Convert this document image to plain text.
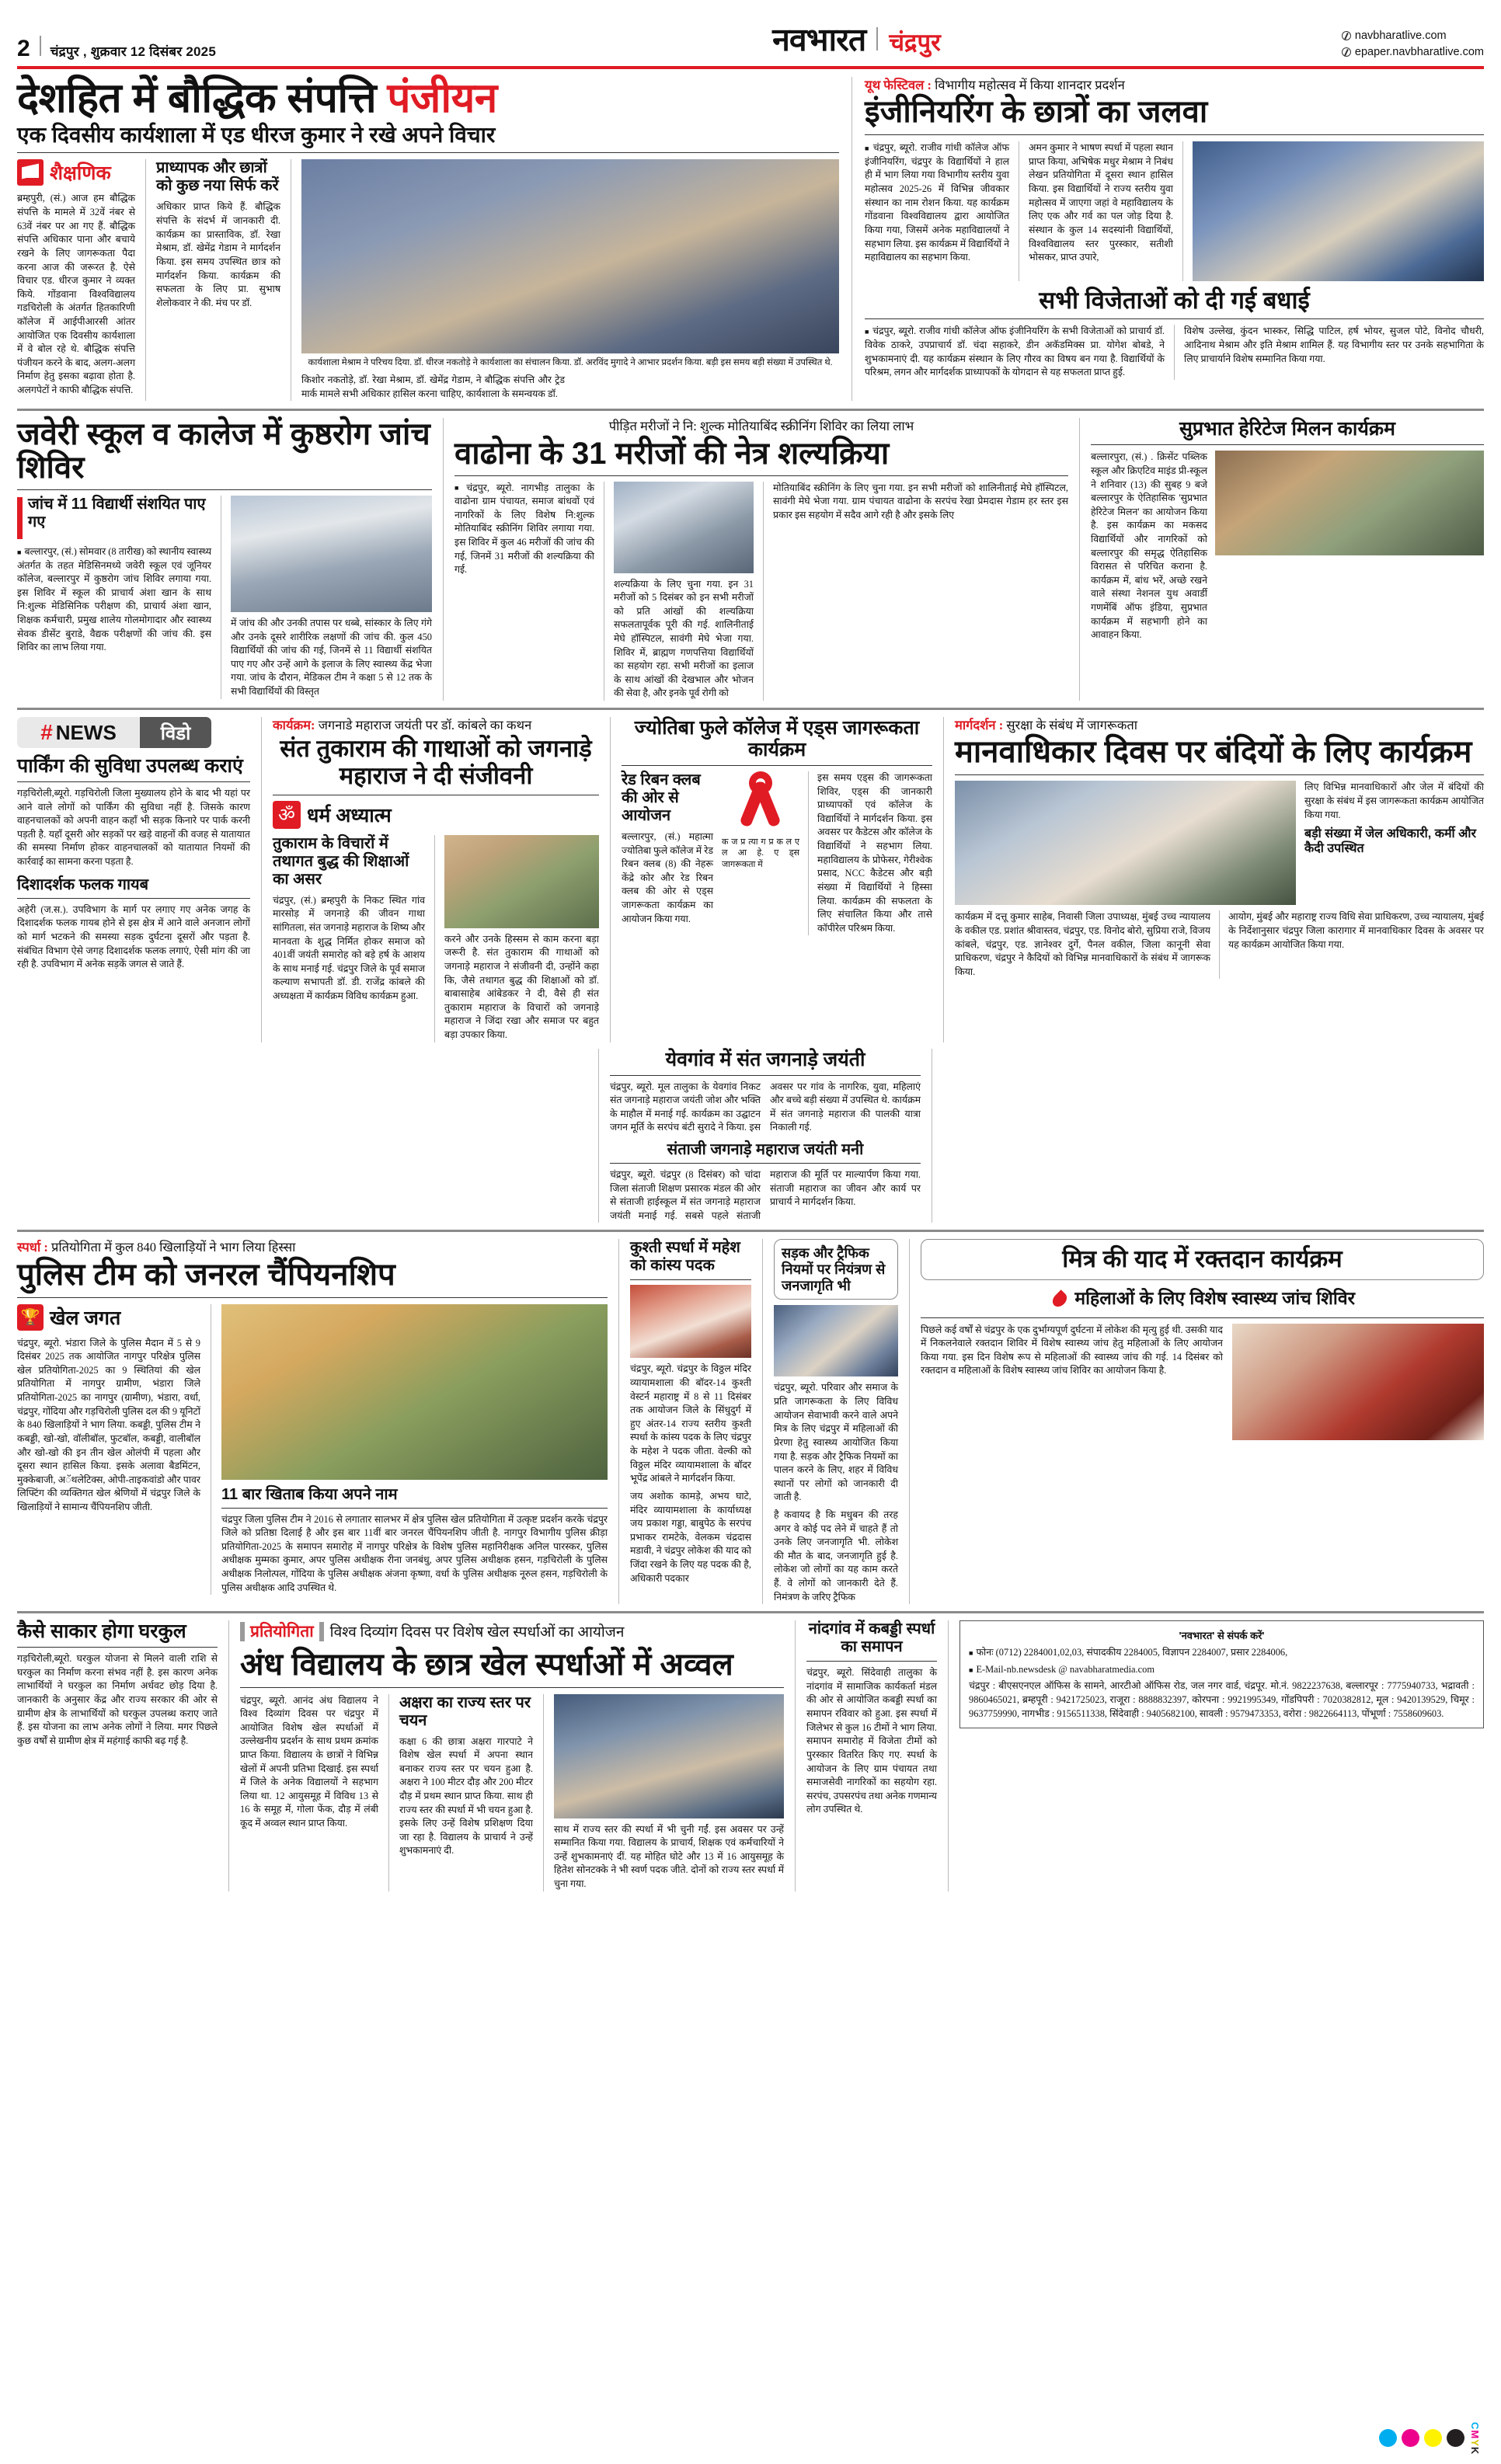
2 चंद्रपुर , शुक्रवार 12 दिसंबर 2025	नवभारत चंद्रपुर	navbharatlive.com
epaper.navbharatlive.com
देशहित में बौद्धिक संपत्ति पंजीयन
एक दिवसीय कार्यशाला में एड धीरज कुमार ने रखे अपने विचार
शैक्षणिक
ब्रम्हपुरी, (सं.) आज हम बौद्धिक संपत्ति के मामले में 32वें नंबर से 63वें नंबर पर आ गए हैं. बौद्धिक संपत्ति अधिकार पाना और बचाये रखने के लिए जागरूकता पैदा करना आज की जरूरत है. ऐसे विचार एड. धीरज कुमार ने व्यक्त किये. गोंडवाना विश्वविद्यालय गडचिरोली के अंतर्गत हितकारिणी कॉलेज में आईपीआरसी आंतर आयोजित एक दिवसीय कार्यशाला में वे बोल रहे थे. बौद्धिक संपत्ति पंजीयन करने के बाद, अलग-अलग निर्माण हेतु इसका बढ़ावा होता है. अलगपेटों ने काफी बौद्धिक संपत्ति.
प्राध्यापक और छात्रों को कुछ नया सिर्फ करें
अधिकार प्राप्त किये हैं. बौद्धिक संपत्ति के संदर्भ में जानकारी दी. कार्यक्रम का प्रास्ताविक, डॉ. रेखा मेश्राम, डॉ. खेमेंद्र गेडाम ने मार्गदर्शन किया. इस समय उपस्थित छात्र को मार्गदर्शन किया. कार्यक्रम की सफलता के लिए प्रा. सुभाष शेलोकवार ने की. मंच पर डॉ.
कार्यशाला मेश्राम ने परिचय दिया. डॉ. धीरज नकतोड़े ने कार्यशाला का संचालन किया. डॉ. अरविंद मुगादे ने आभार प्रदर्शन किया. बड़ी इस समय बड़ी संख्या में उपस्थित थे.
किशोर नकतोड़े, डॉ. रेखा मेश्राम, डॉ. खेमेंद्र गेडाम, ने बौद्धिक संपत्ति और ट्रेड मार्क मामले सभी अधिकार हासिल करना चाहिए, कार्यशाला के समन्वयक डॉ.
यूथ फेस्टिवल : विभागीय महोत्सव में किया शानदार प्रदर्शन
इंजीनियरिंग के छात्रों का जलवा
■ चंद्रपुर, ब्यूरो. राजीव गांधी कॉलेज ऑफ इंजीनियरिंग, चंद्रपुर के विद्यार्थियों ने हाल ही में भाग लिया गया विभागीय स्तरीय युवा महोत्सव 2025-26 में विभिन्न जीवकार संस्थान का नाम रोशन किया. यह कार्यक्रम गोंडवाना विश्वविद्यालय द्वारा आयोजित किया गया, जिसमें अनेक महाविद्यालयों ने सहभाग लिया. इस कार्यक्रम में विद्यार्थियों ने महाविद्यालय का सहभाग किया.
अमन कुमार ने भाषण स्पर्धा में पहला स्थान प्राप्त किया, अभिषेक मधुर मेश्राम ने निबंध लेखन प्रतियोगिता में दूसरा स्थान हासिल किया. इस विद्यार्थियों ने राज्य स्तरीय युवा महोत्सव में जाएगा जहां वे महाविद्यालय के लिए एक और गर्व का पल जोड़ दिया है. संस्थान के कुल 14 सदस्यांनी विद्यार्थियों, विश्वविद्यालय स्तर पुरस्कार, सतीशी भोसकर, प्राप्त उपारे,
सभी विजेताओं को दी गई बधाई
■ चंद्रपुर, ब्यूरो. राजीव गांधी कॉलेज ऑफ इंजीनियरिंग के सभी विजेताओं को प्राचार्य डॉ. विवेक ठाकरे, उपप्राचार्य डॉ. चंदा सहाकरे, डीन अकॅडमिक्स प्रा. योगेश बोबडे, ने शुभकामनाएं दी. यह कार्यक्रम संस्थान के लिए गौरव का विषय बन गया है. विद्यार्थियों के परिश्रम, लगन और मार्गदर्शक प्राध्यापकों के योगदान से यह सफलता प्राप्त हुई.
विशेष उल्लेख, कुंदन भास्कर, सिद्धि पाटिल, हर्ष भोयर, सुजल पोटे, विनोद चौधरी, आदिनाथ मेश्राम और इति मेश्राम शामिल हैं. यह विभागीय स्तर पर उनके सहभागिता के लिए प्राचार्याने विशेष सम्मानित किया गया.
जवेरी स्कूल व कालेज में कुष्ठरोग जांच शिविर
जांच में 11 विद्यार्थी संशयित पाए गए
■ बल्लारपुर, (सं.) सोमवार (8 तारीख) को स्थानीय स्वास्थ्य अंतर्गत के तहत मेडिसिनमध्ये जवेरी स्कूल एवं जूनियर कॉलेज, बल्लारपुर में कुष्ठरोग जांच शिविर लगाया गया. इस शिविर में स्कूल की प्राचार्य अंशा खान के साथ नि:शुल्क मेडिसिनिक परीक्षण की, प्राचार्य अंशा खान, शिक्षक कर्मचारी, प्रमुख शालेय गोलमोगादार और स्वास्थ्य सेवक डीसेंट बुराडे, वैद्यक परीक्षणों की जांच की. इस शिविर का लाभ लिया गया.
में जांच की और उनकी तपास पर धब्बे, सांस्कार के लिए गंगे और उनके दूसरे शारीरिक लक्षणों की जांच की. कुल 450 विद्यार्थियों की जांच की गई, जिनमें से 11 विद्यार्थी संशयित पाए गए और उन्हें आगे के इलाज के लिए स्वास्थ्य केंद्र भेजा गया. जांच के दौरान, मेडिकल टीम ने कक्षा 5 से 12 तक के सभी विद्यार्थियों की विस्तृत
पीड़ित मरीजों ने नि: शुल्क मोतियाबिंद स्क्रीनिंग शिविर का लिया लाभ
वाढोना के 31 मरीजों की नेत्र शल्यक्रिया
■ चंद्रपुर, ब्यूरो. नागभीड़ तालुका के वाढोना ग्राम पंचायत, समाज बांधवों एवं नागरिकों के लिए विशेष नि:शुल्क मोतियाबिंद स्क्रीनिंग शिविर लगाया गया. इस शिविर में कुल 46 मरीजों की जांच की गई, जिनमें 31 मरीजों की शल्यक्रिया की गई.
शल्यक्रिया के लिए चुना गया. इन 31 मरीजों को 5 दिसंबर को इन सभी मरीजों को प्रति आंखों की शल्यक्रिया सफलतापूर्वक पूरी की गई. शालिनीताई मेघे हॉस्पिटल, सावंगी मेघे भेजा गया. शिविर में, ब्राह्मण गणपत्तिया विद्यार्थियों का सहयोग रहा. सभी मरीजों का इलाज के साथ आंखों की देखभाल और भोजन की सेवा है, और इनके पूर्व रोगी को
मोतियाबिंद स्क्रीनिंग के लिए चुना गया. इन सभी मरीजों को शालिनीताई मेघे हॉस्पिटल, सावंगी मेघे भेजा गया. ग्राम पंचायत वाढोना के सरपंच रेखा प्रेमदास गेडाम हर स्तर इस प्रकार इस सहयोग में सदैव आगे रही है और इसके लिए
सुप्रभात हेरिटेज मिलन कार्यक्रम
बल्लारपुरा, (सं.) . क्रिसेंट पब्लिक स्कूल और क्रिएटिव माइंड प्री-स्कूल ने शनिवार (13) की सुबह 9 बजे बल्लारपुर के ऐतिहासिक 'सुप्रभात हेरिटेज मिलन' का आयोजन किया है. इस कार्यक्रम का मकसद विद्यार्थियों और नागरिकों को बल्लारपुर की समृद्ध ऐतिहासिक विरासत से परिचित कराना है. कार्यक्रम में, बांध भरें, अच्छे रखने वाले संस्था नेशनल युथ अवार्डी गणमेंबिं ऑफ इंडिया, सुप्रभात कार्यक्रम में सहभागी होने का आवाहन किया.
# NEWS	विडो
पार्किंग की सुविधा उपलब्ध कराएं
गड़चिरोली,ब्यूरो. गड़चिरोली जिला मुख्यालय होने के बाद भी यहां पर आने वाले लोगों को पार्किंग की सुविधा नहीं है. जिसके कारण वाहनचालकों को अपनी वाहन कहाँ भी सड़क किनारे पर पार्क करनी पड़ती है. यहाँ दूसरी ओर सड़कों पर खड़े वाहनों की वजह से यातायात की समस्या निर्माण होकर वाहनचालकों को यातायात नियमों की कार्रवाई का सामना करना पड़ता है.
दिशादर्शक फलक गायब
अहेरी (ज.स.). उपविभाग के मार्ग पर लगाए गए अनेक जगह के दिशादर्शक फलक गायब होने से इस क्षेत्र में आने वाले अनजान लोगों को मार्ग भटकने की समस्या सड़क दुर्घटना दूसरों और पड़ता है. संबंधित विभाग ऐसे जगह दिशादर्शक फलक लगाएं, ऐसी मांग की जा रही है. उपविभाग में अनेक सड़कें जगल से जाते हैं.
कार्यक्रम: जगनाडे महाराज जयंती पर डॉ. कांबले का कथन
संत तुकाराम की गाथाओं को जगनाड़े महाराज ने दी संजीवनी
ॐ
धर्म अध्यात्म
तुकाराम के विचारों में तथागत बुद्ध की शिक्षाओं का असर
चंद्रपुर, (सं.) ब्रम्हपुरी के निकट स्थित गांव मारसोड़ में जगनाड़े की जीवन गाथा सांगितला, संत जगनाड़े महाराज के शिष्य और मानवता के शुद्ध निर्मित होकर समाज को 401वीं जयंती समारोह को बड़े हर्ष के आशय के साथ मनाई गई. चंद्रपुर जिले के पूर्व समाज कल्याण सभापती डॉ. डी. राजेंद्र कांबले की अध्यक्षता में कार्यक्रम विविध कार्यक्रम हुआ.
करने और उनके हिस्सम से काम करना बड़ा जरूरी है. संत तुकाराम की गाथाओं को जगनाड़े महाराज ने संजीवनी दी, उन्होंने कहा कि, जैसे तथागत बुद्ध की शिक्षाओं को डॉ. बाबासाहेब आंबेडकर ने दी, वैसे ही संत तुकाराम महाराज के विचारों को जगनाड़े महाराज ने जिंदा रखा और समाज पर बहुत बड़ा उपकार किया.
ज्योतिबा फुले कॉलेज में एड्स जागरूकता कार्यक्रम
रेड रिबन क्लब की ओर से आयोजन
बल्लारपुर, (सं.) महात्मा ज्योतिबा फुले कॉलेज में रेड रिबन क्लब (8) की नेहरू केंद्रे कोर और रेड रिबन क्लब की ओर से एड्स जागरूकता कार्यक्रम का आयोजन किया गया.
क ज प्र त्या ग प्र क ल ए ल आ हे. ए ड्स जागरूकता में
इस समय एड्स की जागरूकता शिविर, एड्स की जानकारी प्राध्यापकों एवं कॉलेज के विद्यार्थियों ने मार्गदर्शन किया. इस अवसर पर कैडेटस और कॉलेज के विद्यार्थियों ने सहभाग लिया. महाविद्यालय के प्रोफेसर, गेरीश्वेक प्रसाद, NCC कैडेटस और बड़ी संख्या में विद्यार्थियों ने हिस्सा लिया. कार्यक्रम की सफलता के लिए संचालित किया और तासे कॉपीरेल परिश्रम किया.
मार्गदर्शन : सुरक्षा के संबंध में जागरूकता
मानवाधिकार दिवस पर बंदियों के लिए कार्यक्रम
लिए विभिन्न मानवाधिकारों और जेल में बंदियों की सुरक्षा के संबंध में इस जागरूकता कार्यक्रम आयोजित किया गया.
बड़ी संख्या में जेल अधिकारी, कर्मी और कैदी उपस्थित
कार्यक्रम में दत्तू कुमार साहेब, निवासी जिला उपाध्यक्ष, मुंबई उच्च न्यायालय के वकील एड. प्रशांत श्रीवास्तव, चंद्रपुर, एड. विनोद बोरो, सुप्रिया राजे, विजय कांबले, चंद्रपुर, एड. ज्ञानेश्वर दुर्गे, पैनल वकील, जिला कानूनी सेवा प्राधिकरण, चंद्रपुर ने कैदियों को विभिन्न मानवाधिकारों के संबंध में जागरूक किया.
आयोग, मुंबई और महाराष्ट्र राज्य विधि सेवा प्राधिकरण, उच्च न्यायालय, मुंबई के निर्देशानुसार चंद्रपुर जिला कारागार में मानवाधिकार दिवस के अवसर पर यह कार्यक्रम आयोजित किया गया.
येवगांव में संत जगनाड़े जयंती
चंद्रपुर, ब्यूरो. मूल तालुका के येवगांव निकट संत जगनाड़े महाराज जयंती जोश और भक्ति के माहौल में मनाई गई. कार्यक्रम का उद्घाटन जगन मूर्ति के सरपंच बंटी सुरादे ने किया. इस अवसर पर गांव के नागरिक, युवा, महिलाएं और बच्चे बड़ी संख्या में उपस्थित थे. कार्यक्रम में संत जगनाड़े महाराज की पालकी यात्रा निकाली गई.
संताजी जगनाड़े महाराज जयंती मनी
चंद्रपुर, ब्यूरो. चंद्रपुर (8 दिसंबर) को चांदा जिला संताजी शिक्षण प्रसारक मंडल की ओर से संताजी हाईस्कूल में संत जगनाड़े महाराज जयंती मनाई गई. सबसे पहले संताजी महाराज की मूर्ति पर माल्यार्पण किया गया. संताजी महाराज का जीवन और कार्य पर प्राचार्य ने मार्गदर्शन किया.
स्पर्धा : प्रतियोगिता में कुल 840 खिलाड़ियों ने भाग लिया हिस्सा
पुलिस टीम को जनरल चैंपियनशिप
🏆
खेल जगत
चंद्रपुर, ब्यूरो. भंडारा जिले के पुलिस मैदान में 5 से 9 दिसंबर 2025 तक आयोजित नागपुर परिक्षेत्र पुलिस खेल प्रतियोगिता-2025 का 9 स्थितियां की खेल प्रतियोगिता में नागपुर ग्रामीण, भंडारा जिले प्रतियोगिता-2025 का नागपुर (ग्रामीण), भंडारा, वर्धा, चंद्रपुर, गोंदिया और गड़चिरोली पुलिस दल की 9 यूनिटों के 840 खिलाड़ियों ने भाग लिया. कबड्डी, पुलिस टीम ने कबड्डी, खो-खो, वॉलीबॉल, फुटबॉल, कबड्डी, वालीबॉल और खो-खो की इन तीन खेल ओलंपी में पहला और दूसरा स्थान हासिल किया. इसके अलावा बैडमिंटन, मुक्केबाजी, अॅथलेटिक्स, ओपी-ताइकवांडो और पावर लिफ्टिंग की व्यक्तिगत खेल श्रेणियों में चंद्रपुर जिले के खिलाड़ियों ने सामान्य चैंपियनशिप जीती.
11 बार खिताब किया अपने नाम
चंद्रपुर जिला पुलिस टीम ने 2016 से लगातार सालभर में क्षेत्र पुलिस खेल प्रतियोगिता में उत्कृष्ट प्रदर्शन करके चंद्रपुर जिले को प्रतिष्ठा दिलाई है और इस बार 11वीं बार जनरल चैंपियनशिप जीती है. नागपुर विभागीय पुलिस क्रीड़ा प्रतियोगिता-2025 के समापन समारोह में नागपुर परिक्षेत्र के विशेष पुलिस महानिरीक्षक अनिल पारस्कर, पुलिस अधीक्षक मुम्मका कुमार, अपर पुलिस अधीक्षक रीना जनबंधु, अपर पुलिस अधीक्षक हसन, गड़चिरोली के पुलिस अधीक्षक निलोत्पल, गोंदिया के पुलिस अधीक्षक अंजना कृष्णा, वर्धा के पुलिस अधीक्षक नूरुल हसन, गड़चिरोली के पुलिस अधीक्षक आदि उपस्थित थे.
कुश्ती स्पर्धा में महेश को कांस्य पदक
चंद्रपुर, ब्यूरो. चंद्रपुर के विठ्ठल मंदिर व्यायामशाला की बॉदर-14 कुश्ती वेस्टर्न महाराष्ट्र में 8 से 11 दिसंबर तक आयोजन जिले के सिंधुदुर्ग में हुए अंतर-14 राज्य स्तरीय कुश्ती स्पर्धा के कांस्य पदक के लिए चंद्रपुर के महेश ने पदक जीता. वेल्की को विठ्ठल मंदिर व्यायामशाला के बॉदर भूपेंद्र आंबले ने मार्गदर्शन किया.
जय अशोक कामड़े, अभय घाटे, मंदिर व्यायामशाला के कार्याध्यक्ष जय प्रकाश गड्डा, बाबुपेठ के सरपंच प्रभाकर रामटेके, वेलकम चंद्रदास मडावी, ने चंद्रपुर लोकेश की याद को जिंदा रखने के लिए यह पदक की है, अधिकारी पदकार
सड़क और ट्रैफिक नियमों पर नियंत्रण से जनजागृति भी
चंद्रपुर, ब्यूरो. परिवार और समाज के प्रति जागरूकता के लिए विविध आयोजन सेवाभावी करने वाले अपने मित्र के लिए चंद्रपुर में महिलाओं की प्रेरणा हेतु स्वास्थ्य आयोजित किया गया है. सड़क और ट्रैफिक नियमों का पालन करने के लिए, शहर में विविध स्थानों पर लोगों को जानकारी दी जाती है.
है कवायद है कि मधुबन की तरह अगर वे कोई पद लेने में चाहते हैं तो उनके लिए जनजागृति भी. लोकेश की मौत के बाद, जनजागृति हुई है. लोकेश जो लोगों का यह काम करते हैं. वे लोगों को जानकारी देते हैं. निमंत्रण के जरिए ट्रैफिक
मित्र की याद में रक्तदान कार्यक्रम
महिलाओं के लिए विशेष स्वास्थ्य जांच शिविर
पिछले कई वर्षों से चंद्रपुर के एक दुर्भाग्यपूर्ण दुर्घटना में लोकेश की मृत्यु हुई थी. उसकी याद में निकलनेवाले रक्तदान शिविर में विशेष स्वास्थ्य जांच हेतु महिलाओं के लिए आयोजन किया गया. इस दिन विशेष रूप से महिलाओं की स्वास्थ्य जांच की गई. 14 दिसंबर को रक्तदान व महिलाओं के विशेष स्वास्थ्य जांच शिविर का आयोजन किया है.
कैसे साकार होगा घरकुल
गड़चिरोली,ब्यूरो. घरकुल योजना से मिलने वाली राशि से घरकुल का निर्माण करना संभव नहीं है. इस कारण अनेक लाभार्थियों ने घरकुल का निर्माण अर्धवट छोड़ दिया है. जानकारी के अनुसार केंद्र और राज्य सरकार की ओर से ग्रामीण क्षेत्र के लाभार्थियों को घरकुल उपलब्ध कराए जाते हैं. इस योजना का लाभ अनेक लोगों ने लिया. मगर पिछले कुछ वर्षों से ग्रामीण क्षेत्र में महंगाई काफी बढ़ गई है.
प्रतियोगिता	विश्व दिव्यांग दिवस पर विशेष खेल स्पर्धाओं का आयोजन
अंध विद्यालय के छात्र खेल स्पर्धाओं में अव्वल
चंद्रपुर, ब्यूरो. आनंद अंध विद्यालय ने विश्व दिव्यांग दिवस पर चंद्रपुर में आयोजित विशेष खेल स्पर्धाओं में उल्लेखनीय प्रदर्शन के साथ प्रथम क्रमांक प्राप्त किया. विद्यालय के छात्रों ने विभिन्न खेलों में अपनी प्रतिभा दिखाई. इस स्पर्धा में जिले के अनेक विद्यालयों ने सहभाग लिया था. 12 आयुसमूह में विविध 13 से 16 के समूह में, गोला फेंक, दौड़ में लंबी कूद में अव्वल स्थान प्राप्त किया.
अक्षरा का राज्य स्तर पर चयन
कक्षा 6 की छात्रा अक्षरा गारपाटे ने विशेष खेल स्पर्धा में अपना स्थान बनाकर राज्य स्तर पर चयन हुआ है. अक्षरा ने 100 मीटर दौड़ और 200 मीटर दौड़ में प्रथम स्थान प्राप्त किया. साथ ही राज्य स्तर की स्पर्धा में भी चयन हुआ है. इसके लिए उन्हें विशेष प्रशिक्षण दिया जा रहा है. विद्यालय के प्राचार्य ने उन्हें शुभकामनाएं दी.
साथ में राज्य स्तर की स्पर्धा में भी चुनी गईं. इस अवसर पर उन्हें सम्मानित किया गया. विद्यालय के प्राचार्य, शिक्षक एवं कर्मचारियों ने उन्हें शुभकामनाएं दीं. यह मोहित घोटे और 13 में 16 आयुसमूह के हितेश सोनटक्के ने भी स्वर्ण पदक जीते. दोनों को राज्य स्तर स्पर्धा में चुना गया.
नांदगांव में कबड्डी स्पर्धा का समापन
चंद्रपुर, ब्यूरो. सिंदेवाही तालुका के नांदगांव में सामाजिक कार्यकर्ता मंडल की ओर से आयोजित कबड्डी स्पर्धा का समापन रविवार को हुआ. इस स्पर्धा में जिलेभर से कुल 16 टीमों ने भाग लिया. समापन समारोह में विजेता टीमों को पुरस्कार वितरित किए गए. स्पर्धा के आयोजन के लिए ग्राम पंचायत तथा समाजसेवी नागरिकों का सहयोग रहा. सरपंच, उपसरपंच तथा अनेक गणमान्य लोग उपस्थित थे.
'नवभारत' से संपर्क करें'
■ फोनः (0712) 2284001,02,03, संपादकीय 2284005, विज्ञापन 2284007, प्रसार 2284006,
■ E-Mail-nb.newsdesk @ navabharatmedia.com
चंद्रपुर : बीएसएनएल ऑफिस के सामने, आरटीओ ऑफिस रोड, जल नगर वार्ड, चंद्रपूर. मो.नं. 9822237638, बल्लारपूर : 7775940733, भद्रावती : 9860465021, ब्रम्हपूरी : 9421725023, राजूरा : 8888832397, कोरपना : 9921995349, गोंडपिपरी : 7020382812, मूल : 9420139529, चिमूर : 9637759990, नागभीड : 9156511338, सिंदेवाही : 9405682100, सावली : 9579473353, वरोरा : 9822664113, पोंभूर्णा : 7558609603.
CMYK
